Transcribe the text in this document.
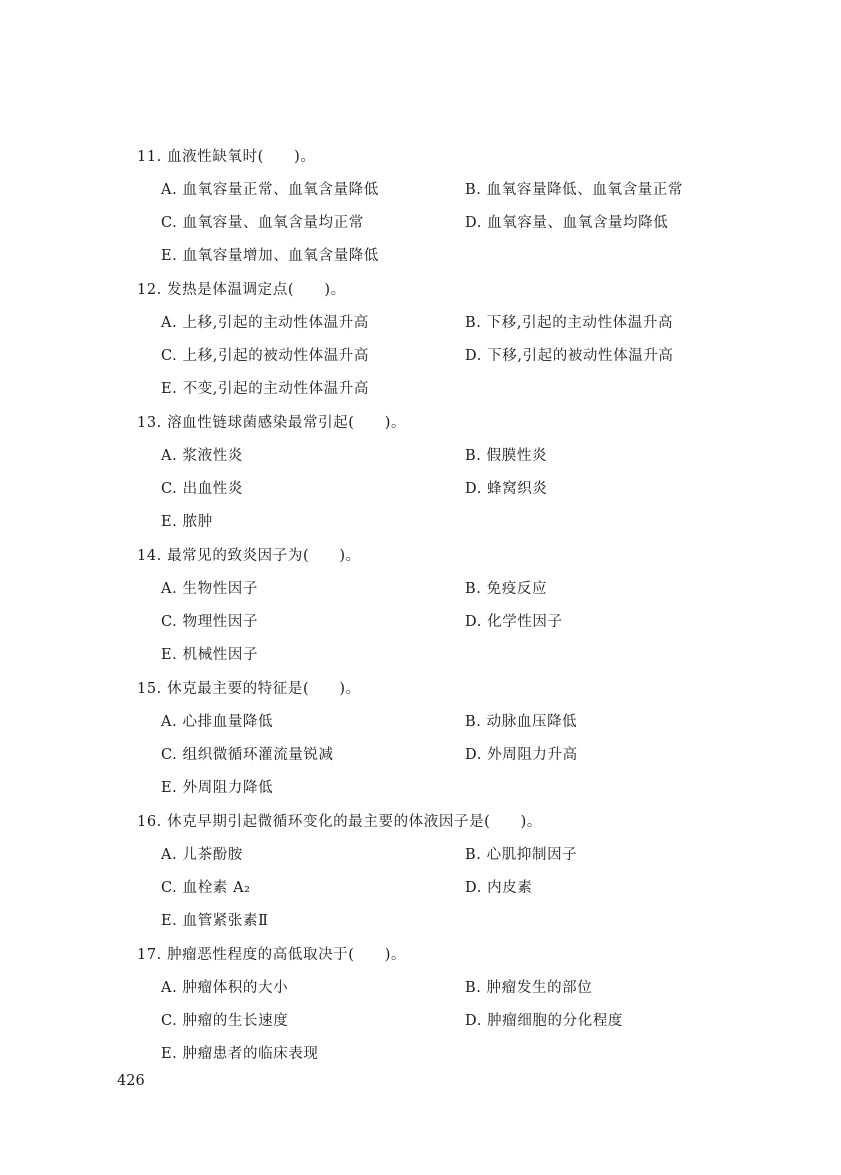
11. 血液性缺氧时(　　)。
A. 血氧容量正常、血氧含量降低	B. 血氧容量降低、血氧含量正常
C. 血氧容量、血氧含量均正常	D. 血氧容量、血氧含量均降低
E. 血氧容量增加、血氧含量降低
12. 发热是体温调定点(　　)。
A. 上移,引起的主动性体温升高	B. 下移,引起的主动性体温升高
C. 上移,引起的被动性体温升高	D. 下移,引起的被动性体温升高
E. 不变,引起的主动性体温升高
13. 溶血性链球菌感染最常引起(　　)。
A. 浆液性炎	B. 假膜性炎
C. 出血性炎	D. 蜂窝织炎
E. 脓肿
14. 最常见的致炎因子为(　　)。
A. 生物性因子	B. 免疫反应
C. 物理性因子	D. 化学性因子
E. 机械性因子
15. 休克最主要的特征是(　　)。
A. 心排血量降低	B. 动脉血压降低
C. 组织微循环灌流量锐减	D. 外周阻力升高
E. 外周阻力降低
16. 休克早期引起微循环变化的最主要的体液因子是(　　)。
A. 儿茶酚胺	B. 心肌抑制因子
C. 血栓素 A₂	D. 内皮素
E. 血管紧张素Ⅱ
17. 肿瘤恶性程度的高低取决于(　　)。
A. 肿瘤体积的大小	B. 肿瘤发生的部位
C. 肿瘤的生长速度	D. 肿瘤细胞的分化程度
E. 肿瘤患者的临床表现
426
